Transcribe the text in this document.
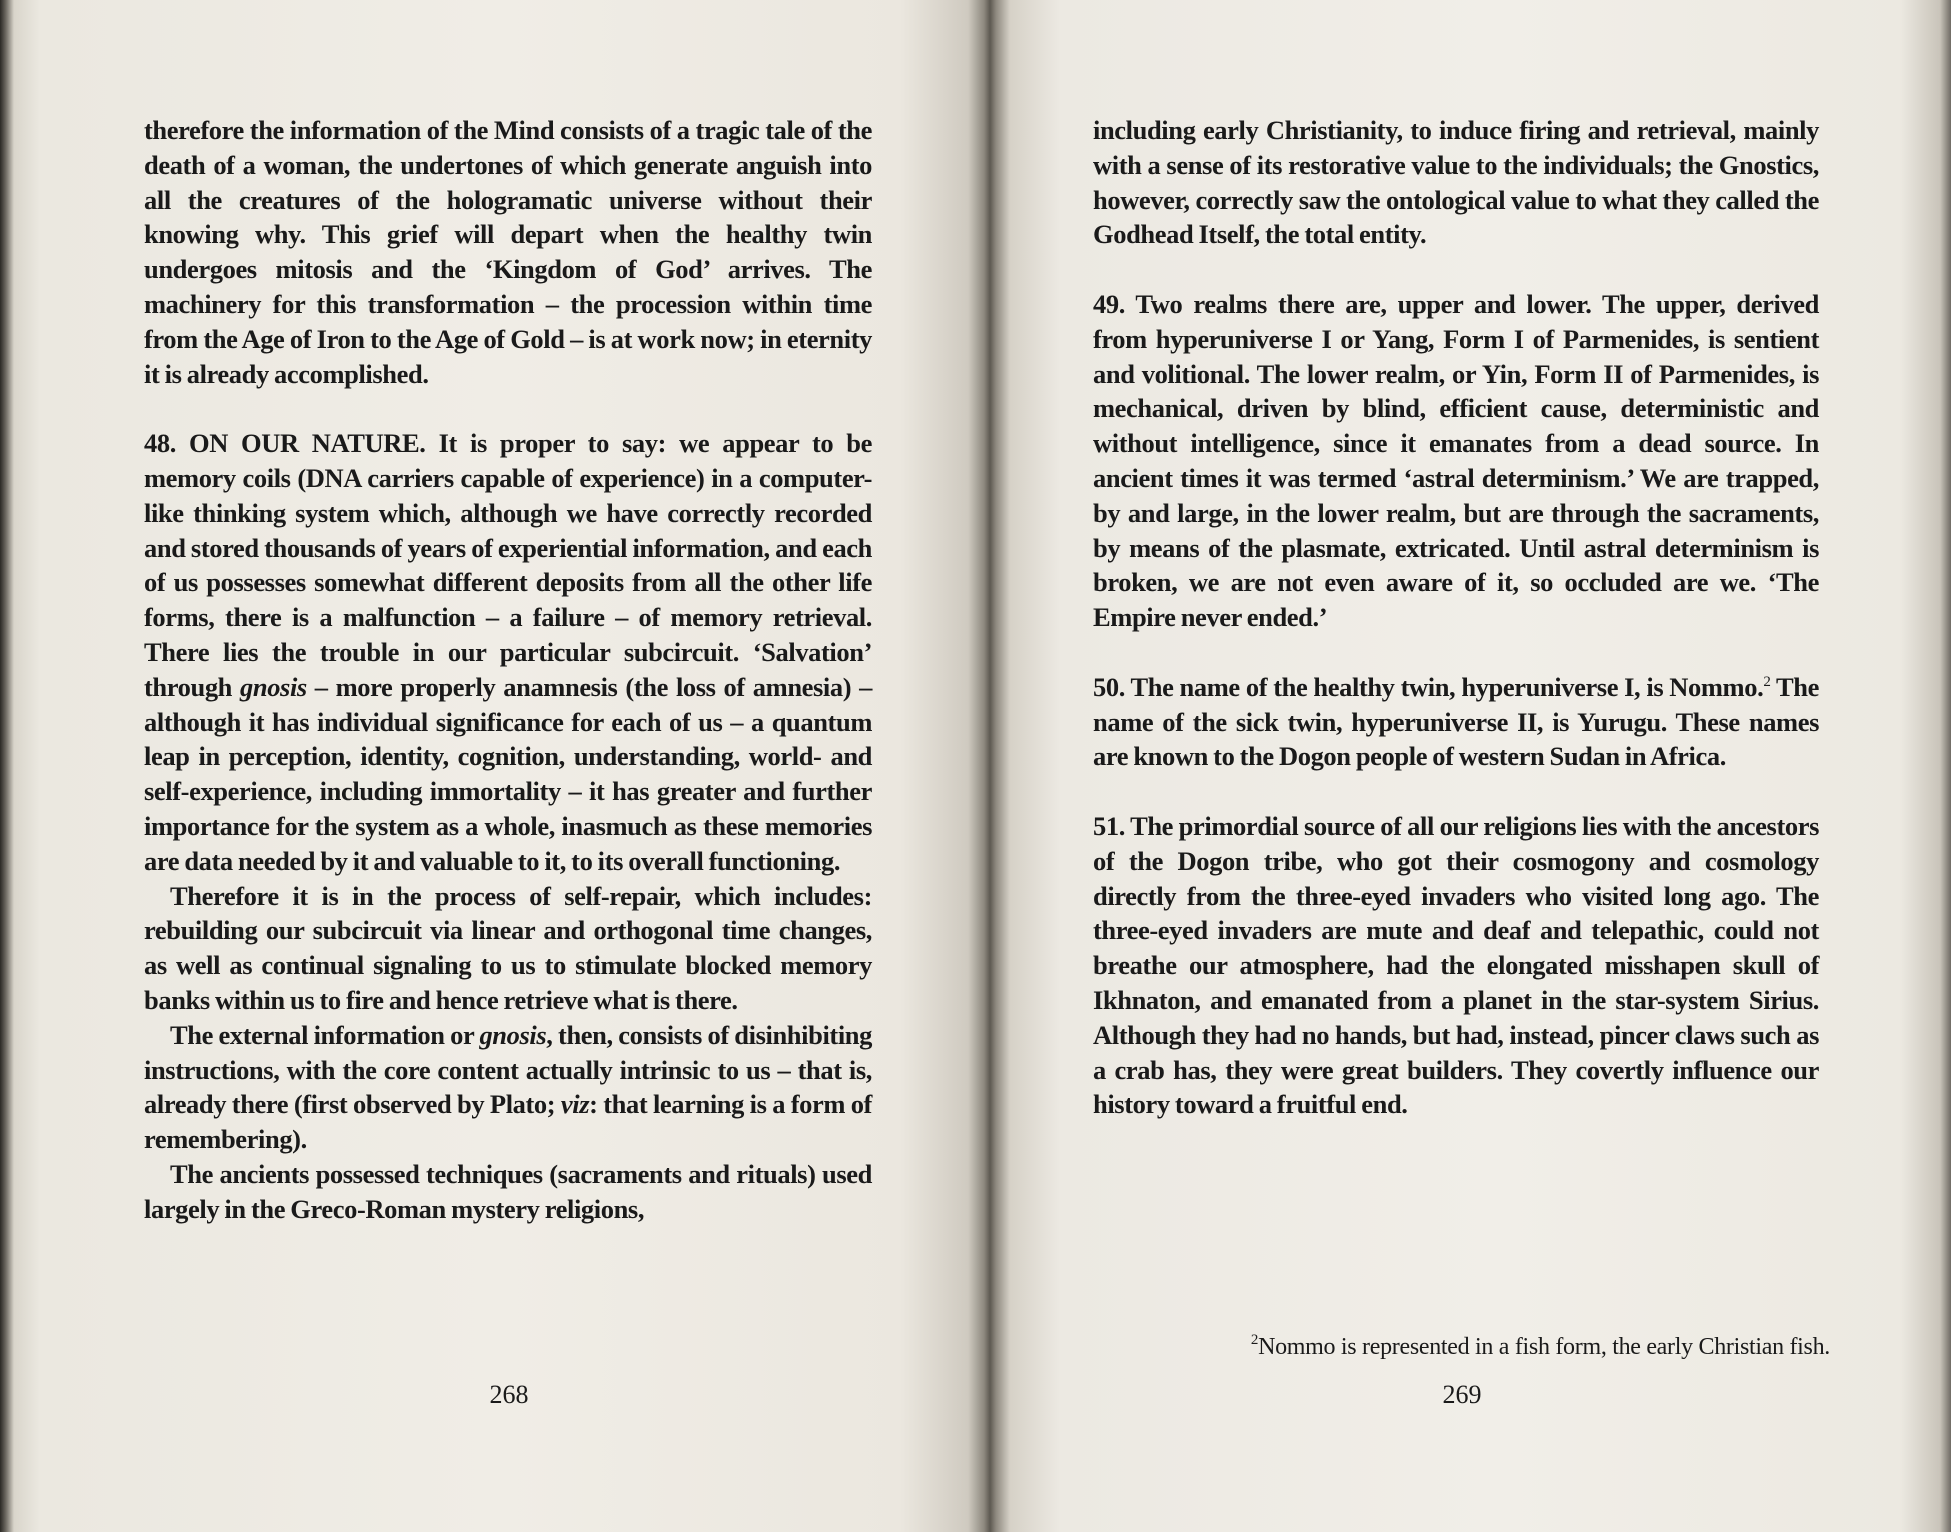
therefore the information of the Mind consists of a tragic tale of the death of a woman, the undertones of which generate anguish into all the creatures of the hologramatic universe without their knowing why. This grief will depart when the healthy twin undergoes mitosis and the ‘Kingdom of God’ arrives. The machinery for this transformation – the procession within time from the Age of Iron to the Age of Gold – is at work now; in eternity it is already accomplished.

48. ON OUR NATURE. It is proper to say: we appear to be memory coils (DNA carriers capable of experience) in a computer-like thinking system which, although we have correctly recorded and stored thousands of years of experiential information, and each of us possesses somewhat different deposits from all the other life forms, there is a malfunction – a failure – of memory retrieval. There lies the trouble in our particular subcircuit. ‘Salvation’ through gnosis – more properly anamnesis (the loss of amnesia) – although it has individual significance for each of us – a quantum leap in perception, identity, cognition, understanding, world- and self-experience, including immortality – it has greater and further importance for the system as a whole, inasmuch as these memories are data needed by it and valuable to it, to its overall functioning.

Therefore it is in the process of self-repair, which includes: rebuilding our subcircuit via linear and orthogonal time changes, as well as continual signaling to us to stimulate blocked memory banks within us to fire and hence retrieve what is there.

The external information or gnosis, then, consists of disinhibiting instructions, with the core content actually intrinsic to us – that is, already there (first observed by Plato; viz: that learning is a form of remembering).

The ancients possessed techniques (sacraments and rituals) used largely in the Greco-Roman mystery religions,

268

including early Christianity, to induce firing and retrieval, mainly with a sense of its restorative value to the individuals; the Gnostics, however, correctly saw the ontological value to what they called the Godhead Itself, the total entity.

49. Two realms there are, upper and lower. The upper, derived from hyperuniverse I or Yang, Form I of Parmenides, is sentient and volitional. The lower realm, or Yin, Form II of Parmenides, is mechanical, driven by blind, efficient cause, deterministic and without intelligence, since it emanates from a dead source. In ancient times it was termed ‘astral determinism.’ We are trapped, by and large, in the lower realm, but are through the sacraments, by means of the plasmate, extricated. Until astral determinism is broken, we are not even aware of it, so occluded are we. ‘The Empire never ended.’

50. The name of the healthy twin, hyperuniverse I, is Nommo.$^2$ The name of the sick twin, hyperuniverse II, is Yurugu. These names are known to the Dogon people of western Sudan in Africa.

51. The primordial source of all our religions lies with the ancestors of the Dogon tribe, who got their cosmogony and cosmology directly from the three-eyed invaders who visited long ago. The three-eyed invaders are mute and deaf and telepathic, could not breathe our atmosphere, had the elongated misshapen skull of Ikhnaton, and emanated from a planet in the star-system Sirius. Although they had no hands, but had, instead, pincer claws such as a crab has, they were great builders. They covertly influence our history toward a fruitful end.

$^2$Nommo is represented in a fish form, the early Christian fish.
269
